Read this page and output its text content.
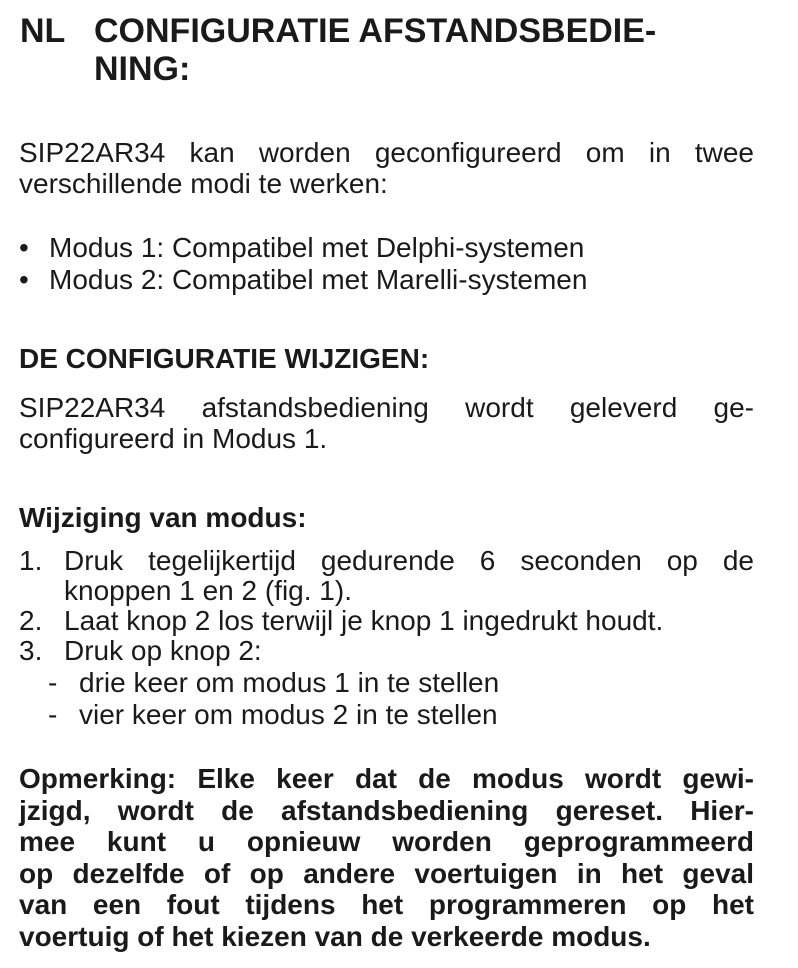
NL CONFIGURATIE AFSTANDSBEDIE-
NING:

SIP22AR34 kan worden geconfigureerd om in twee
verschillende modi te werken:

• Modus 1: Compatibel met Delphi-systemen
• Modus 2: Compatibel met Marelli-systemen
DE CONFIGURATIE WIJZIGEN:

SIP22AR34 afstandsbediening wordt geleverd ge-
configureerd in Modus 1.

Wijziging van modus:
1. Druk tegelijkertijd gedurende 6 seconden op de
knoppen 1 en 2 (fig. 1).
2. Laat knop 2 los terwijl je knop 1 ingedrukt houdt.
3. Druk op knop 2:
- drie keer om modus 1 in te stellen
- vier keer om modus 2 in te stellen
Opmerking: Elke keer dat de modus wordt gewi-
jzigd, wordt de afstandsbediening gereset. Hier-
mee kunt u opnieuw worden geprogrammeerd
op dezelfde of op andere voertuigen in het geval
van een fout tijdens het programmeren op het
voertuig of het kiezen van de verkeerde modus.
